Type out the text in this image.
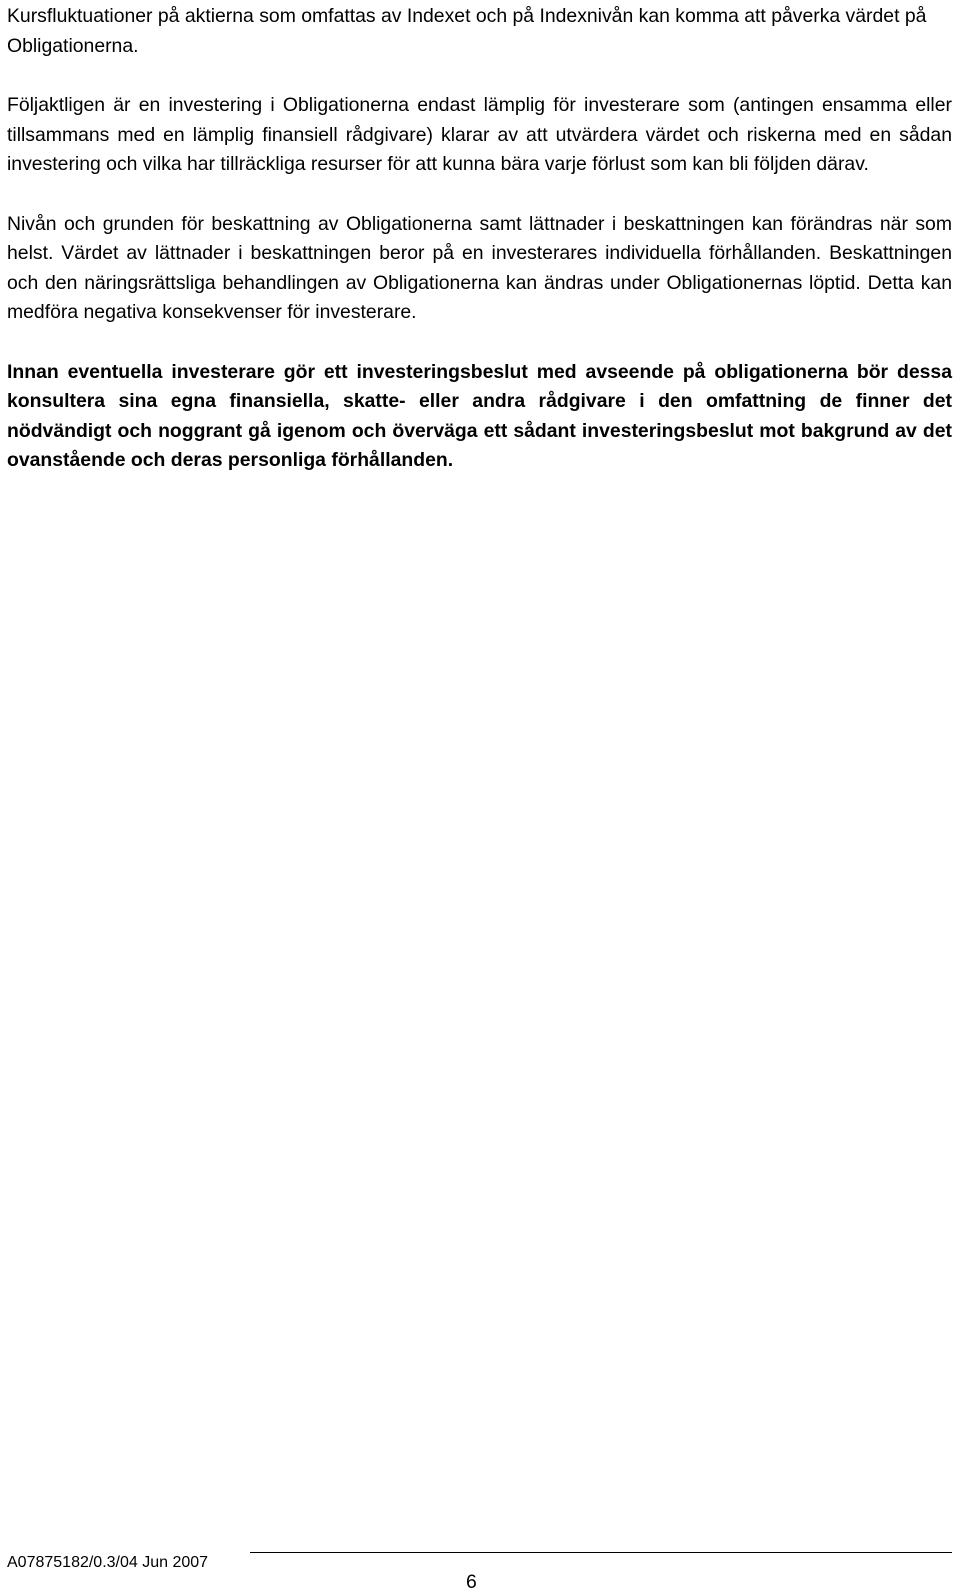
Kursfluktuationer på aktierna som omfattas av Indexet och på Indexnivån kan komma att påverka värdet på Obligationerna.

Följaktligen är en investering i Obligationerna endast lämplig för investerare som (antingen ensamma eller tillsammans med en lämplig finansiell rådgivare) klarar av att utvärdera värdet och riskerna med en sådan investering och vilka har tillräckliga resurser för att kunna bära varje förlust som kan bli följden därav.

Nivån och grunden för beskattning av Obligationerna samt lättnader i beskattningen kan förändras när som helst. Värdet av lättnader i beskattningen beror på en investerares individuella förhållanden. Beskattningen och den näringsrättsliga behandlingen av Obligationerna kan ändras under Obligationernas löptid. Detta kan medföra negativa konsekvenser för investerare.

Innan eventuella investerare gör ett investeringsbeslut med avseende på obligationerna bör dessa konsultera sina egna finansiella, skatte- eller andra rådgivare i den omfattning de finner det nödvändigt och noggrant gå igenom och överväga ett sådant investeringsbeslut mot bakgrund av det ovanstående och deras personliga förhållanden.

A07875182/0.3/04 Jun 2007
6
